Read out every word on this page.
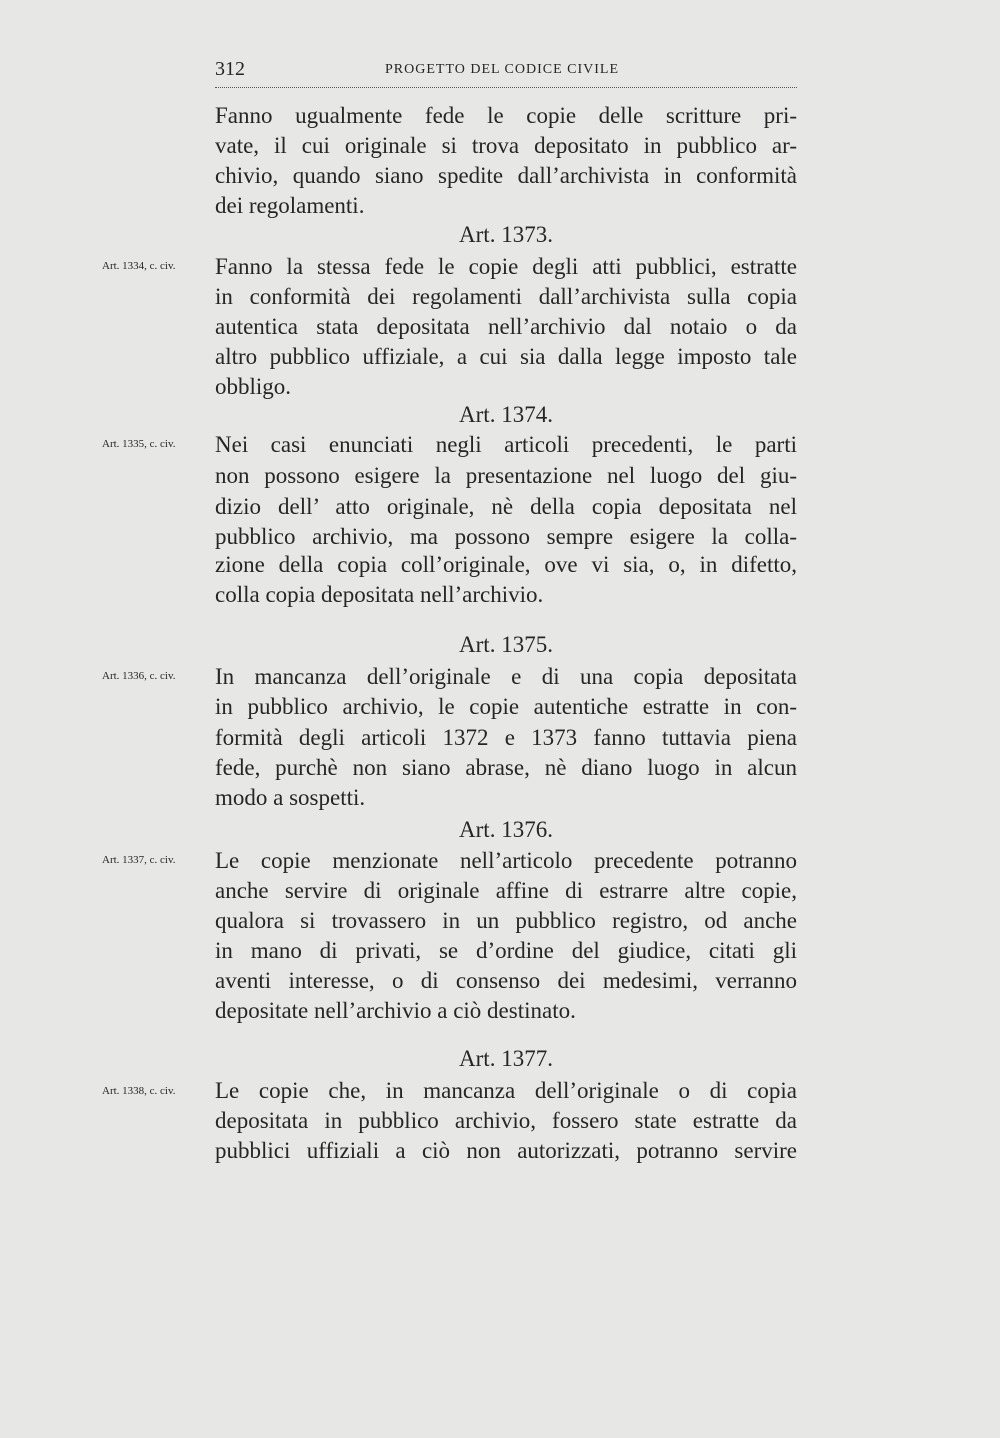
312	PROGETTO DEL CODICE CIVILE
Fanno ugualmente fede le copie delle scritture pri-
vate, il cui originale si trova depositato in pubblico ar-
chivio, quando siano spedite dall’archivista in conformità
dei regolamenti.
Art. 1373.
Art. 1334, c. civ. Fanno la stessa fede le copie degli atti pubblici, estratte
in conformità dei regolamenti dall’archivista sulla copia
autentica stata depositata nell’archivio dal notaio o da
altro pubblico uffiziale, a cui sia dalla legge imposto tale
obbligo.
Art. 1374.
Art. 1335, c. civ. Nei casi enunciati negli articoli precedenti, le parti
non possono esigere la presentazione nel luogo del giu-
dizio dell’ atto originale, nè della copia depositata nel
pubblico archivio, ma possono sempre esigere la colla-
zione della copia coll’originale, ove vi sia, o, in difetto,
colla copia depositata nell’archivio.
Art. 1375.
Art. 1336, c. civ. In mancanza dell’originale e di una copia depositata
in pubblico archivio, le copie autentiche estratte in con-
formità degli articoli 1372 e 1373 fanno tuttavia piena
fede, purchè non siano abrase, nè diano luogo in alcun
modo a sospetti.
Art. 1376.
Art. 1337, c. civ. Le copie menzionate nell’articolo precedente potranno
anche servire di originale affine di estrarre altre copie,
qualora si trovassero in un pubblico registro, od anche
in mano di privati, se d’ordine del giudice, citati gli
aventi interesse, o di consenso dei medesimi, verranno
depositate nell’archivio a ciò destinato.
Art. 1377.
Art. 1338, c. civ. Le copie che, in mancanza dell’originale o di copia
depositata in pubblico archivio, fossero state estratte da
pubblici uffiziali a ciò non autorizzati, potranno servire
